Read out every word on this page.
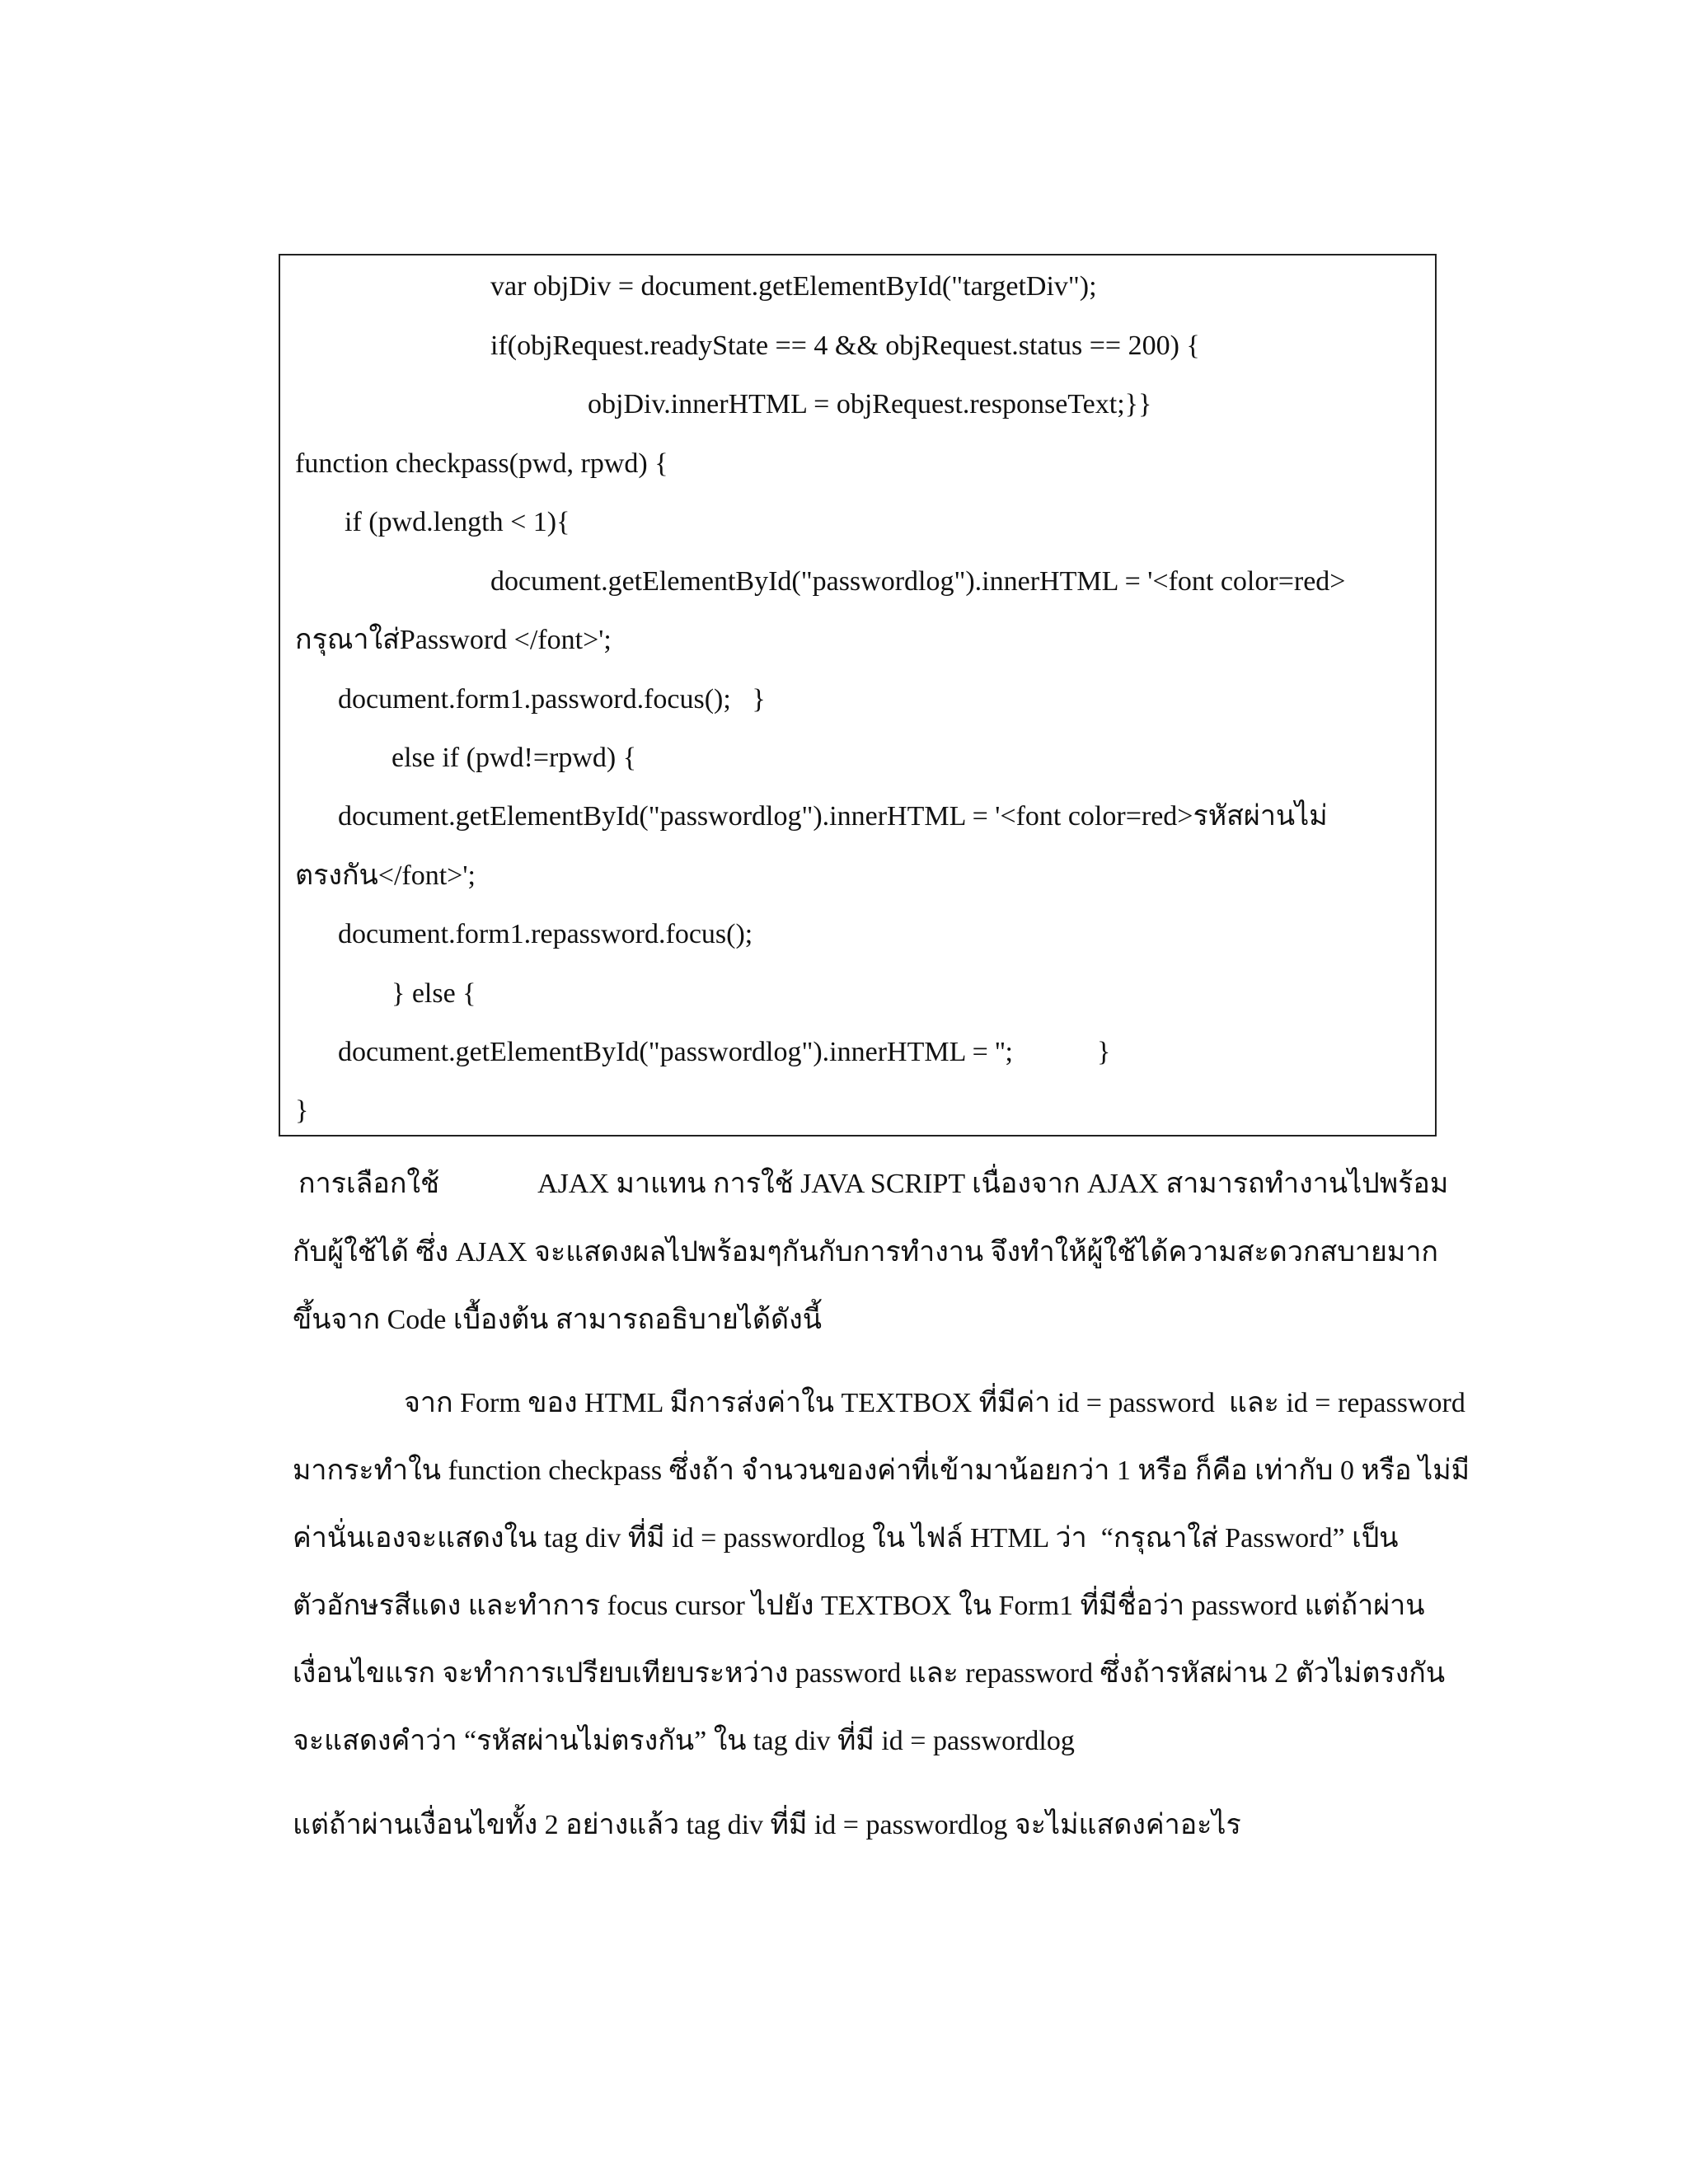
var objDiv = document.getElementById("targetDiv");
if(objRequest.readyState == 4 && objRequest.status == 200) {
objDiv.innerHTML = objRequest.responseText;}}
function checkpass(pwd, rpwd) {
if (pwd.length < 1){
document.getElementById("passwordlog").innerHTML = '<font color=red>
กรุณาใส่Password </font>';
document.form1.password.focus();   }
else if (pwd!=rpwd) {
document.getElementById("passwordlog").innerHTML = '<font color=red>รหัสผ่านไม่
ตรงกัน</font>';
document.form1.repassword.focus();
} else {
document.getElementById("passwordlog").innerHTML = '';            }
}
การเลือกใช้              AJAX มาแทน การใช้ JAVA SCRIPT เนื่องจาก AJAX สามารถทำงานไปพร้อม
กับผู้ใช้ได้ ซึ่ง AJAX จะแสดงผลไปพร้อมๆกันกับการทำงาน จึงทำให้ผู้ใช้ได้ความสะดวกสบายมาก
ขึ้นจาก Code เบื้องต้น สามารถอธิบายได้ดังนี้
จาก Form ของ HTML มีการส่งค่าใน TEXTBOX ที่มีค่า id = password  และ id = repassword
มากระทำใน function checkpass ซึ่งถ้า จำนวนของค่าที่เข้ามาน้อยกว่า 1 หรือ ก็คือ เท่ากับ 0 หรือ ไม่มี
ค่านั่นเองจะแสดงใน tag div ที่มี id = passwordlog ใน ไฟล์ HTML ว่า  “กรุณาใส่ Password” เป็น
ตัวอักษรสีแดง และทำการ focus cursor ไปยัง TEXTBOX ใน Form1 ที่มีชื่อว่า password แต่ถ้าผ่าน
เงื่อนไขแรก จะทำการเปรียบเทียบระหว่าง password และ repassword ซึ่งถ้ารหัสผ่าน 2 ตัวไม่ตรงกัน
จะแสดงคำว่า “รหัสผ่านไม่ตรงกัน” ใน tag div ที่มี id = passwordlog
แต่ถ้าผ่านเงื่อนไขทั้ง 2 อย่างแล้ว tag div ที่มี id = passwordlog จะไม่แสดงค่าอะไร
